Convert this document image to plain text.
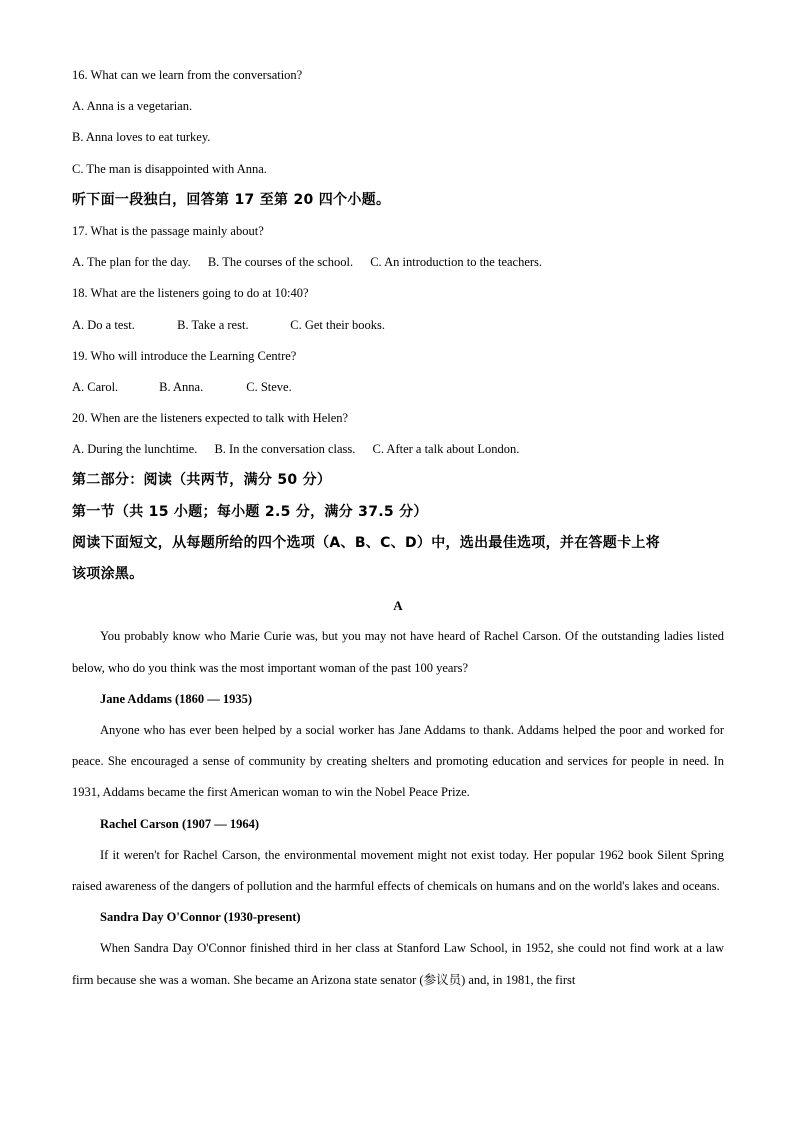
16. What can we learn from the conversation?
A. Anna is a vegetarian.
B. Anna loves to eat turkey.
C. The man is disappointed with Anna.
听下面一段独白，回答第 17 至第 20 四个小题。
17. What is the passage mainly about?
A. The plan for the day. B. The courses of the school. C. An introduction to the teachers.
18. What are the listeners going to do at 10:40?
A. Do a test.	B. Take a rest.	C. Get their books.
19. Who will introduce the Learning Centre?
A. Carol.	B. Anna.	C. Steve.
20. When are the listeners expected to talk with Helen?
A. During the lunchtime. B. In the conversation class. C. After a talk about London.
第二部分：阅读（共两节，满分 50 分）
第一节（共 15 小题；每小题 2.5 分，满分 37.5 分）
阅读下面短文，从每题所给的四个选项（A、B、C、D）中，选出最佳选项，并在答题卡上将
该项涂黑。
A
You probably know who Marie Curie was, but you may not have heard of Rachel Carson. Of the outstanding ladies listed below, who do you think was the most important woman of the past 100 years?
Jane Addams (1860 — 1935)
Anyone who has ever been helped by a social worker has Jane Addams to thank. Addams helped the poor and worked for peace. She encouraged a sense of community by creating shelters and promoting education and services for people in need. In 1931, Addams became the first American woman to win the Nobel Peace Prize.
Rachel Carson (1907 — 1964)
If it weren't for Rachel Carson, the environmental movement might not exist today. Her popular 1962 book Silent Spring raised awareness of the dangers of pollution and the harmful effects of chemicals on humans and on the world's lakes and oceans.
Sandra Day O'Connor (1930-present)
When Sandra Day O'Connor finished third in her class at Stanford Law School, in 1952, she could not find work at a law firm because she was a woman. She became an Arizona state senator (参议员) and, in 1981, the first
